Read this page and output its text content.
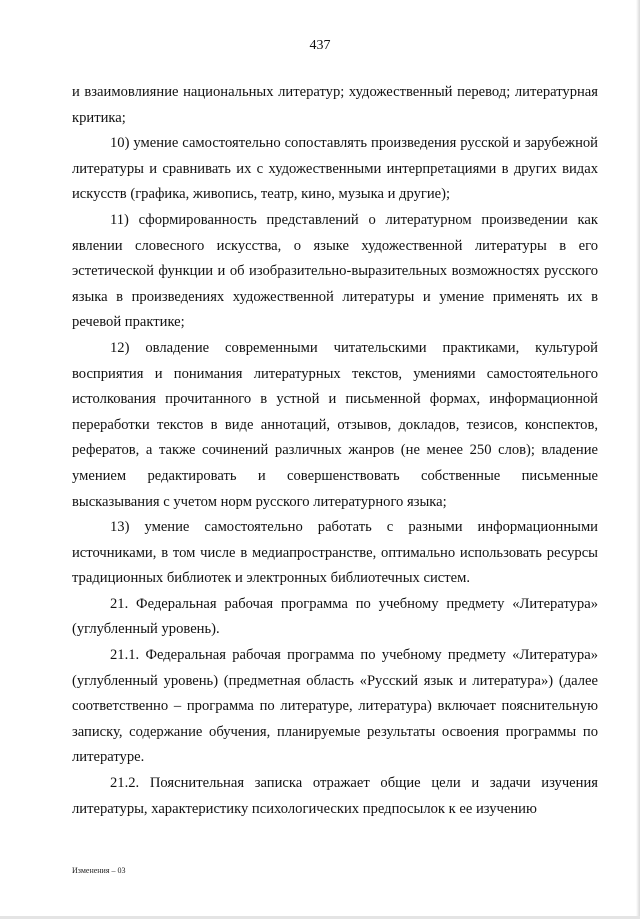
437

и взаимовлияние национальных литератур; художественный перевод; литературная критика;

10) умение самостоятельно сопоставлять произведения русской и зарубежной литературы и сравнивать их с художественными интерпретациями в других видах искусств (графика, живопись, театр, кино, музыка и другие);

11) сформированность представлений о литературном произведении как явлении словесного искусства, о языке художественной литературы в его эстетической функции и об изобразительно-выразительных возможностях русского языка в произведениях художественной литературы и умение применять их в речевой практике;

12) овладение современными читательскими практиками, культурой восприятия и понимания литературных текстов, умениями самостоятельного истолкования прочитанного в устной и письменной формах, информационной переработки текстов в виде аннотаций, отзывов, докладов, тезисов, конспектов, рефератов, а также сочинений различных жанров (не менее 250 слов); владение умением редактировать и совершенствовать собственные письменные высказывания с учетом норм русского литературного языка;

13) умение самостоятельно работать с разными информационными источниками, в том числе в медиапространстве, оптимально использовать ресурсы традиционных библиотек и электронных библиотечных систем.

21. Федеральная рабочая программа по учебному предмету «Литература» (углубленный уровень).

21.1. Федеральная рабочая программа по учебному предмету «Литература» (углубленный уровень) (предметная область «Русский язык и литература») (далее соответственно – программа по литературе, литература) включает пояснительную записку, содержание обучения, планируемые результаты освоения программы по литературе.

21.2. Пояснительная записка отражает общие цели и задачи изучения литературы, характеристику психологических предпосылок к ее изучению

Изменения – 03
